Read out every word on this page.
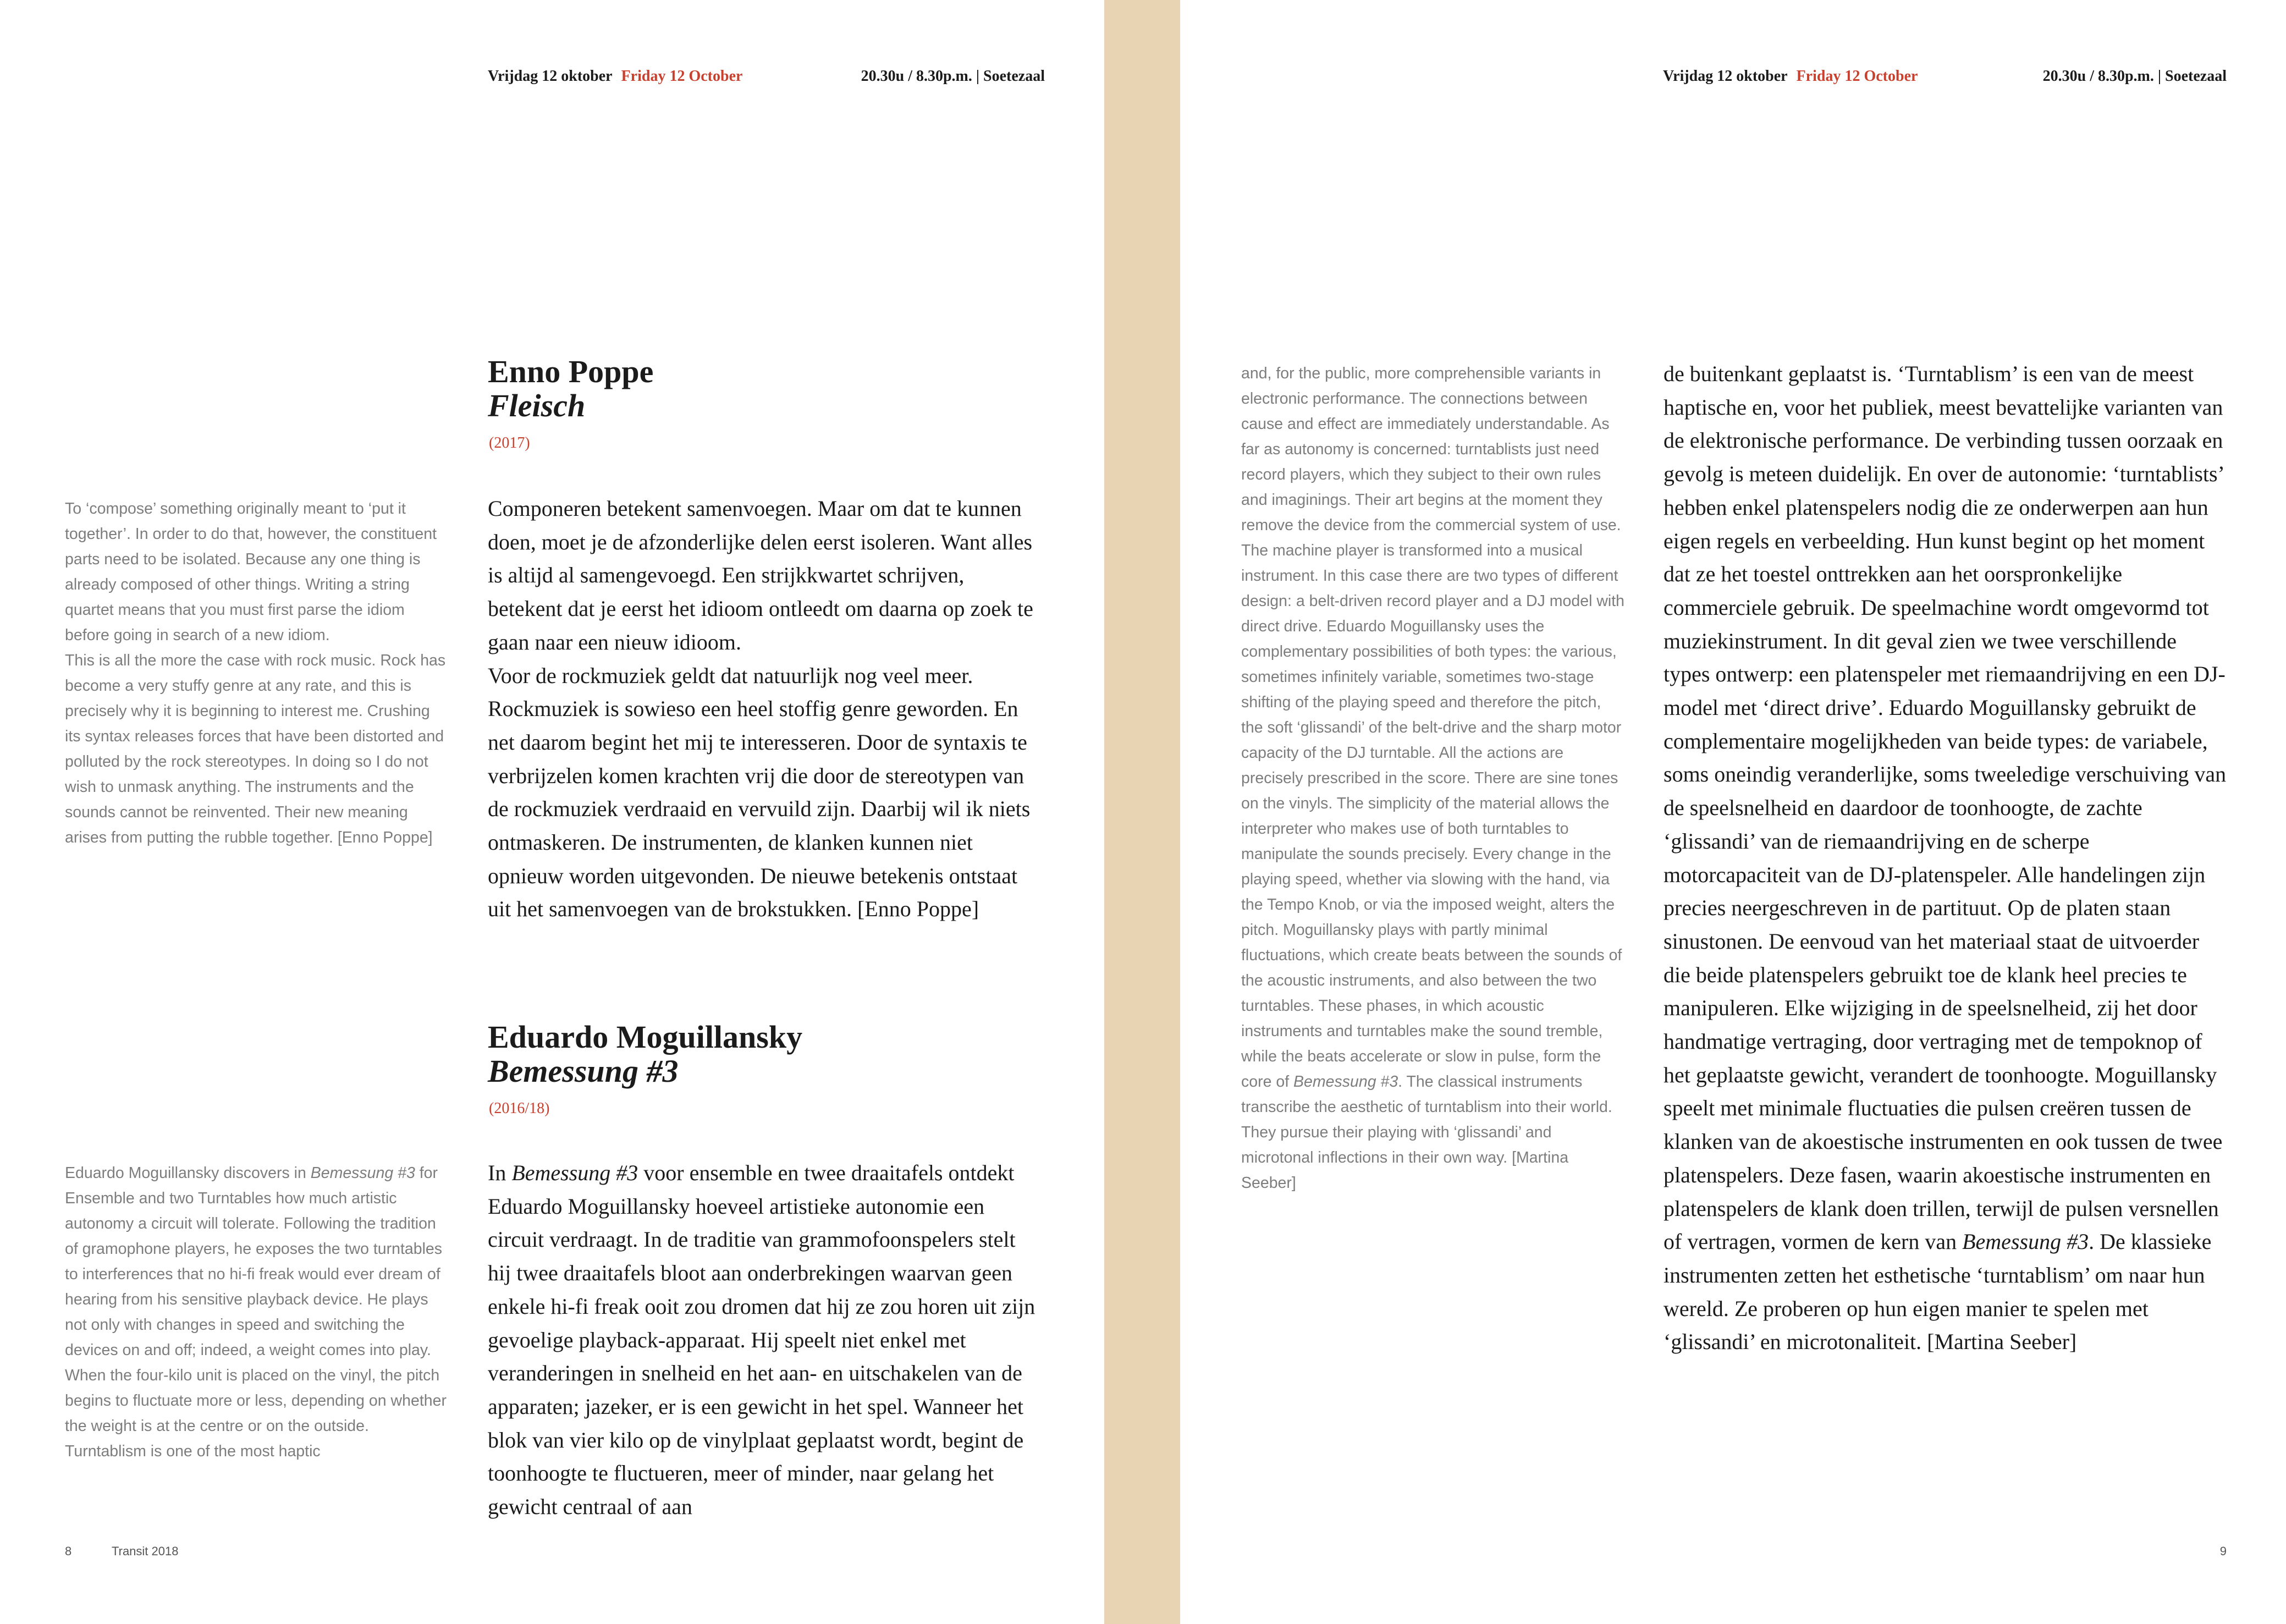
Vrijdag 12 oktober Friday 12 October	20.30u / 8.30p.m. | Soetezaal

To ‘compose’ something originally meant to ‘put it together’. In order to do that, however, the constituent parts need to be isolated. Because any one thing is already composed of other things. Writing a string quartet means that you must first parse the idiom before going in search of a new idiom.

This is all the more the case with rock music. Rock has become a very stuffy genre at any rate, and this is precisely why it is beginning to interest me. Crushing its syntax releases forces that have been distorted and polluted by the rock stereotypes. In doing so I do not wish to unmask anything. The instruments and the sounds cannot be reinvented. Their new meaning arises from putting the rubble together. [Enno Poppe]

Enno Poppe
Fleisch
(2017)

Componeren betekent samenvoegen. Maar om dat te kunnen doen, moet je de afzonderlijke delen eerst isoleren. Want alles is altijd al samengevoegd. Een strijkkwartet schrijven, betekent dat je eerst het idioom ontleedt om daarna op zoek te gaan naar een nieuw idioom.

Voor de rockmuziek geldt dat natuurlijk nog veel meer. Rockmuziek is sowieso een heel stoffig genre geworden. En net daarom begint het mij te interesseren. Door de syntaxis te verbrijzelen komen krachten vrij die door de stereotypen van de rockmuziek verdraaid en vervuild zijn. Daarbij wil ik niets ontmaskeren. De instrumenten, de klanken kunnen niet opnieuw worden uitgevonden. De nieuwe betekenis ontstaat uit het samenvoegen van de brokstukken. [Enno Poppe]

Eduardo Moguillansky
Bemessung #3
(2016/18)

Eduardo Moguillansky discovers in Bemessung #3 for Ensemble and two Turntables how much artistic autonomy a circuit will tolerate. Following the tradition of gramophone players, he exposes the two turntables to interferences that no hi-fi freak would ever dream of hearing from his sensitive playback device. He plays not only with changes in speed and switching the devices on and off; indeed, a weight comes into play. When the four-kilo unit is placed on the vinyl, the pitch begins to fluctuate more or less, depending on whether the weight is at the centre or on the outside. Turntablism is one of the most haptic

In Bemessung #3 voor ensemble en twee draaitafels ontdekt Eduardo Moguillansky hoeveel artistieke autonomie een circuit verdraagt. In de traditie van grammofoonspelers stelt hij twee draaitafels bloot aan onderbrekingen waarvan geen enkele hi-fi freak ooit zou dromen dat hij ze zou horen uit zijn gevoelige playback-apparaat. Hij speelt niet enkel met veranderingen in snelheid en het aan- en uitschakelen van de apparaten; jazeker, er is een gewicht in het spel. Wanneer het blok van vier kilo op de vinylplaat geplaatst wordt, begint de toonhoogte te fluctueren, meer of minder, naar gelang het gewicht centraal of aan

8	Transit 2018
Vrijdag 12 oktober Friday 12 October	20.30u / 8.30p.m. | Soetezaal

and, for the public, more comprehensible variants in electronic performance. The connections between cause and effect are immediately understandable. As far as autonomy is concerned: turntablists just need record players, which they subject to their own rules and imaginings. Their art begins at the moment they remove the device from the commercial system of use. The machine player is transformed into a musical instrument. In this case there are two types of different design: a belt-driven record player and a DJ model with direct drive. Eduardo Moguillansky uses the complementary possibilities of both types: the various, sometimes infinitely variable, sometimes two-stage shifting of the playing speed and therefore the pitch, the soft ‘glissandi’ of the belt-drive and the sharp motor capacity of the DJ turntable. All the actions are precisely prescribed in the score. There are sine tones on the vinyls. The simplicity of the material allows the interpreter who makes use of both turntables to manipulate the sounds precisely. Every change in the playing speed, whether via slowing with the hand, via the Tempo Knob, or via the imposed weight, alters the pitch. Moguillansky plays with partly minimal fluctuations, which create beats between the sounds of the acoustic instruments, and also between the two turntables. These phases, in which acoustic instruments and turntables make the sound tremble, while the beats accelerate or slow in pulse, form the core of Bemessung #3. The classical instruments transcribe the aesthetic of turntablism into their world. They pursue their playing with ‘glissandi’ and microtonal inflections in their own way. [Martina Seeber]

de buitenkant geplaatst is. ‘Turntablism’ is een van de meest haptische en, voor het publiek, meest bevattelijke varianten van de elektronische performance. De verbinding tussen oorzaak en gevolg is meteen duidelijk. En over de autonomie: ‘turntablists’ hebben enkel platenspelers nodig die ze onderwerpen aan hun eigen regels en verbeelding. Hun kunst begint op het moment dat ze het toestel onttrekken aan het oorspronkelijke commerciele gebruik. De speelmachine wordt omgevormd tot muziekinstrument. In dit geval zien we twee verschillende types ontwerp: een platenspeler met riemaandrijving en een DJ-model met ‘direct drive’. Eduardo Moguillansky gebruikt de complementaire mogelijkheden van beide types: de variabele, soms oneindig veranderlijke, soms tweeledige verschuiving van de speelsnelheid en daardoor de toonhoogte, de zachte ‘glissandi’ van de riemaandrijving en de scherpe motorcapaciteit van de DJ-platenspeler. Alle handelingen zijn precies neergeschreven in de partituut. Op de platen staan sinustonen. De eenvoud van het materiaal staat de uitvoerder die beide platenspelers gebruikt toe de klank heel precies te manipuleren. Elke wijziging in de speelsnelheid, zij het door handmatige vertraging, door vertraging met de tempoknop of het geplaatste gewicht, verandert de toonhoogte. Moguillansky speelt met minimale fluctuaties die pulsen creëren tussen de klanken van de akoestische instrumenten en ook tussen de twee platenspelers. Deze fasen, waarin akoestische instrumenten en platenspelers de klank doen trillen, terwijl de pulsen versnellen of vertragen, vormen de kern van Bemessung #3. De klassieke instrumenten zetten het esthetische ‘turntablism’ om naar hun wereld. Ze proberen op hun eigen manier te spelen met ‘glissandi’ en microtonaliteit. [Martina Seeber]

9
